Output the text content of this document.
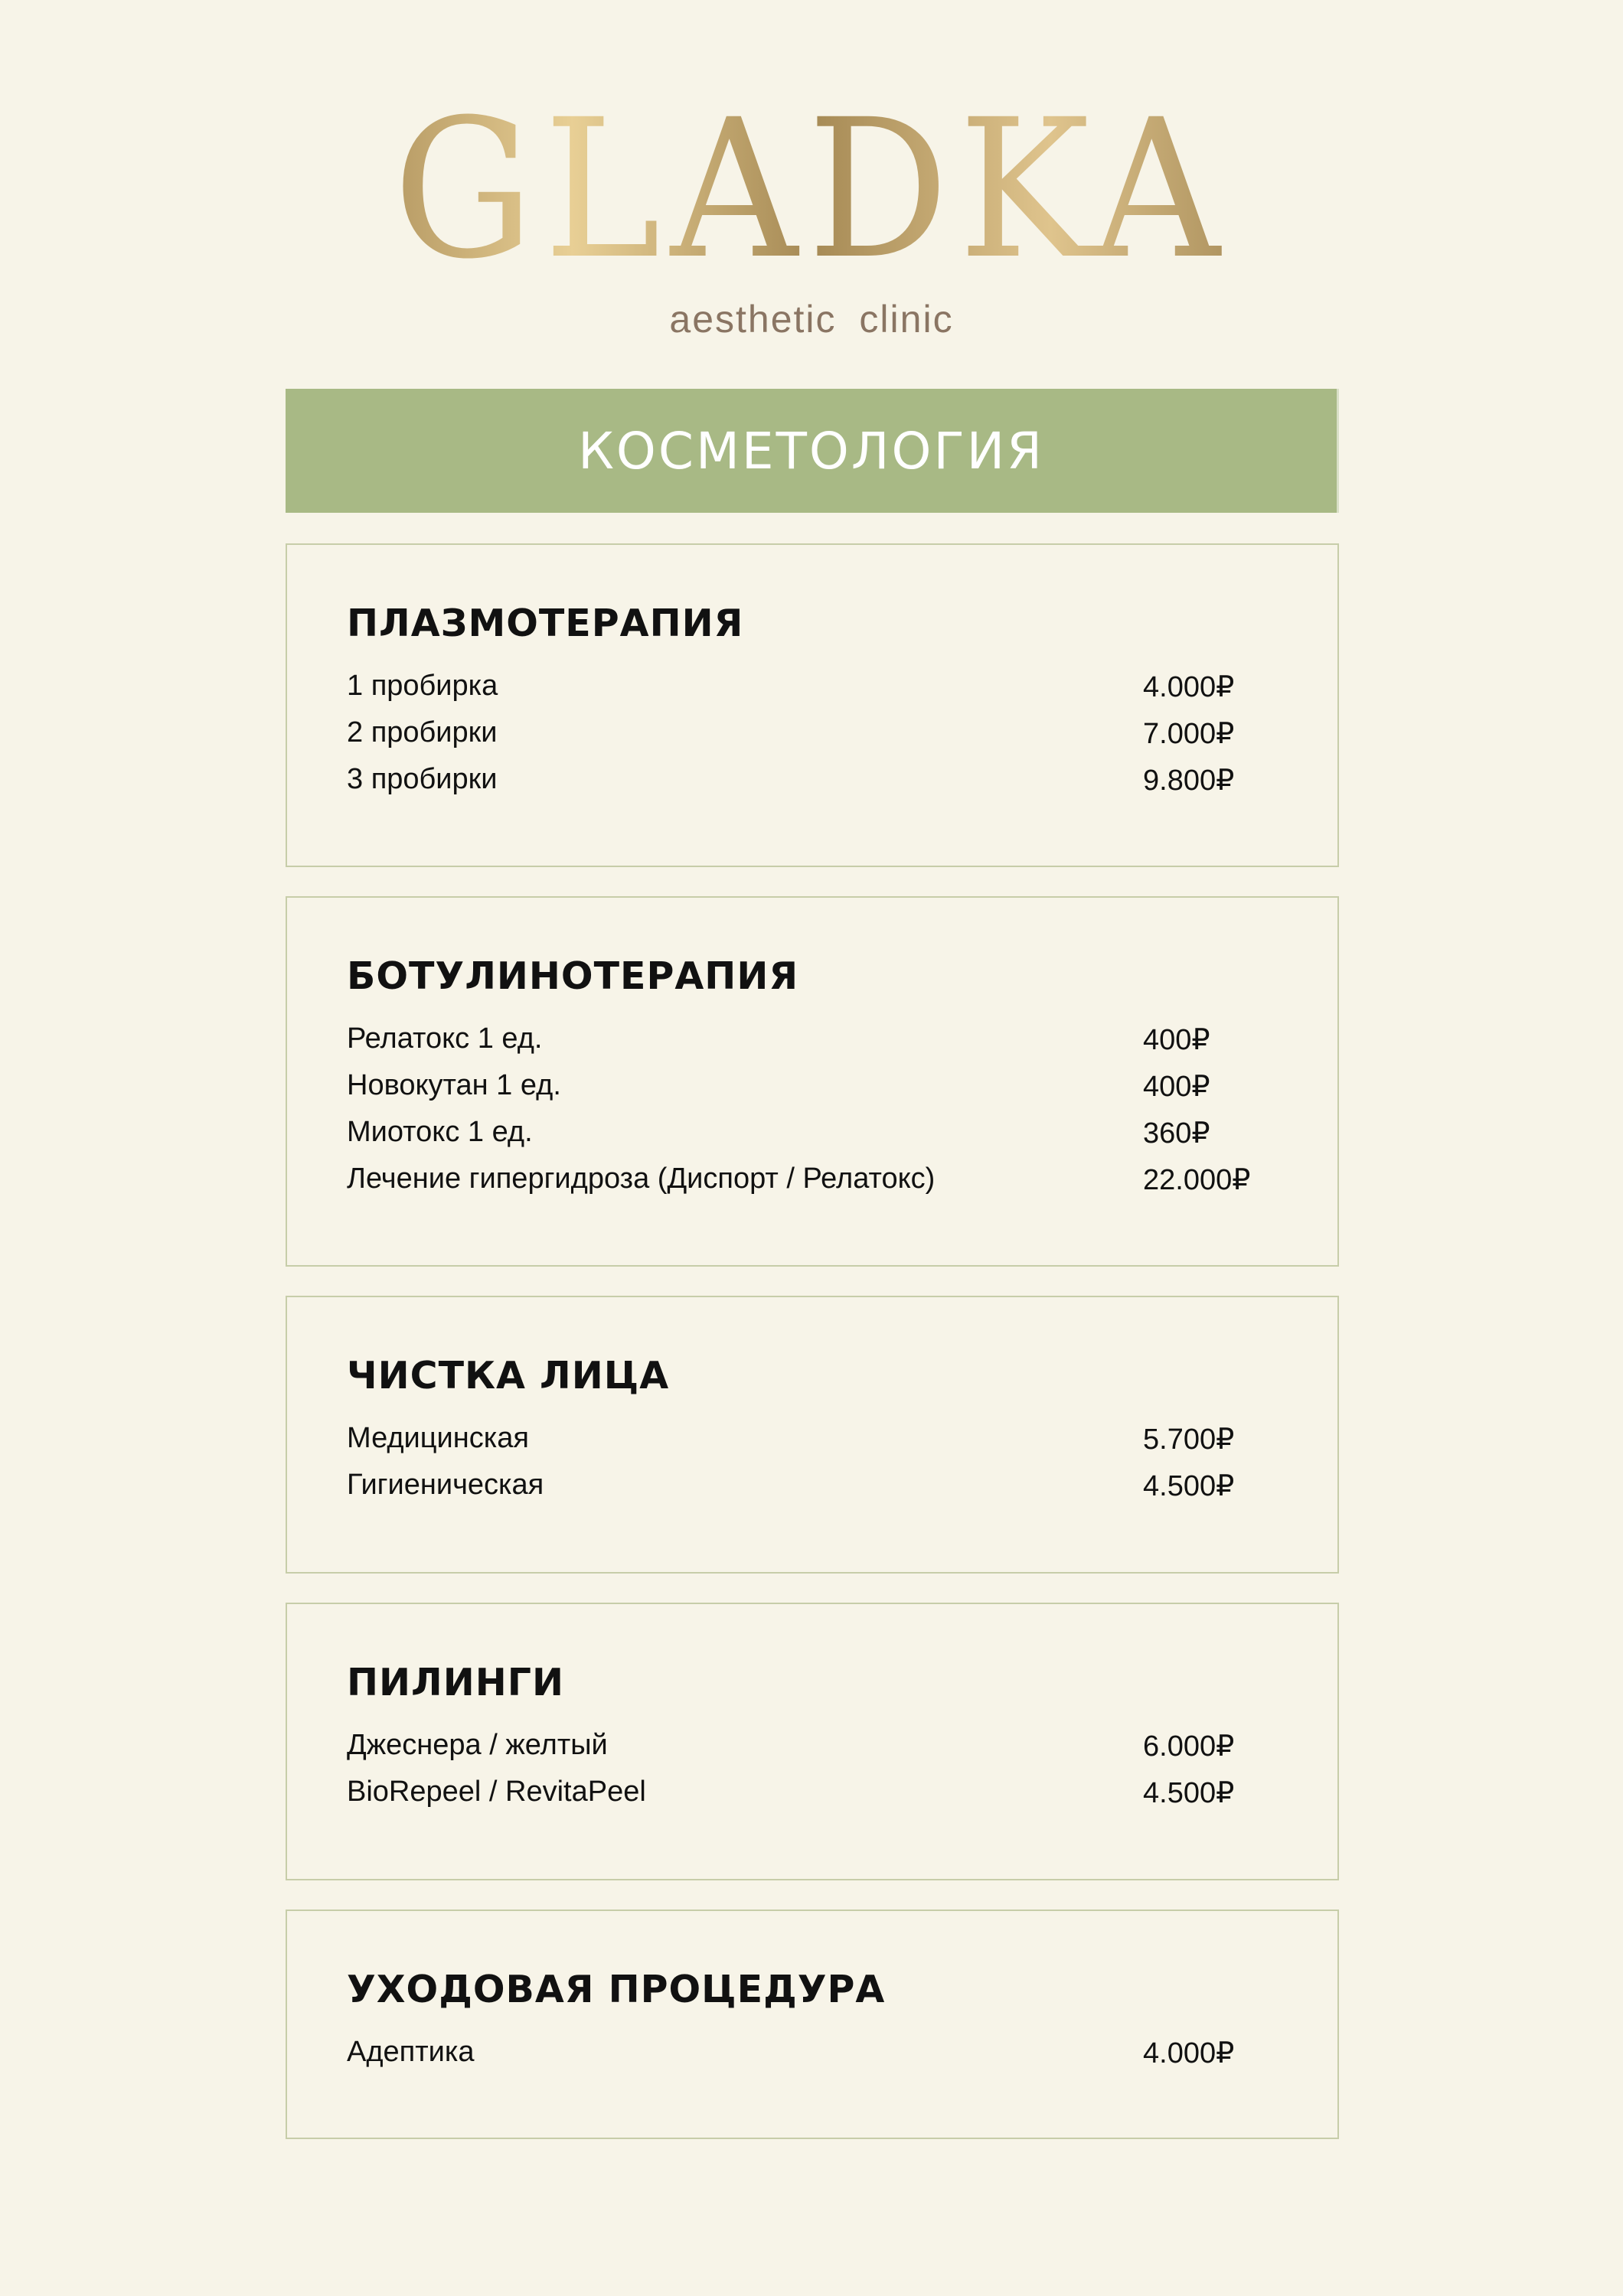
GLADKA
aesthetic clinic
КОСМЕТОЛОГИЯ
ПЛАЗМОТЕРАПИЯ
1 пробирка	4.000₽
2 пробирки	7.000₽
3 пробирки	9.800₽
БОТУЛИНОТЕРАПИЯ
Релатокс 1 ед.	400₽
Новокутан 1 ед.	400₽
Миотокс 1 ед.	360₽
Лечение гипергидроза (Диспорт / Релатокс)	22.000₽
ЧИСТКА ЛИЦА
Медицинская	5.700₽
Гигиеническая	4.500₽
ПИЛИНГИ
Джеснера / желтый	6.000₽
BioRepeel / RevitaPeel	4.500₽
УХОДОВАЯ ПРОЦЕДУРА
Адептика	4.000₽
